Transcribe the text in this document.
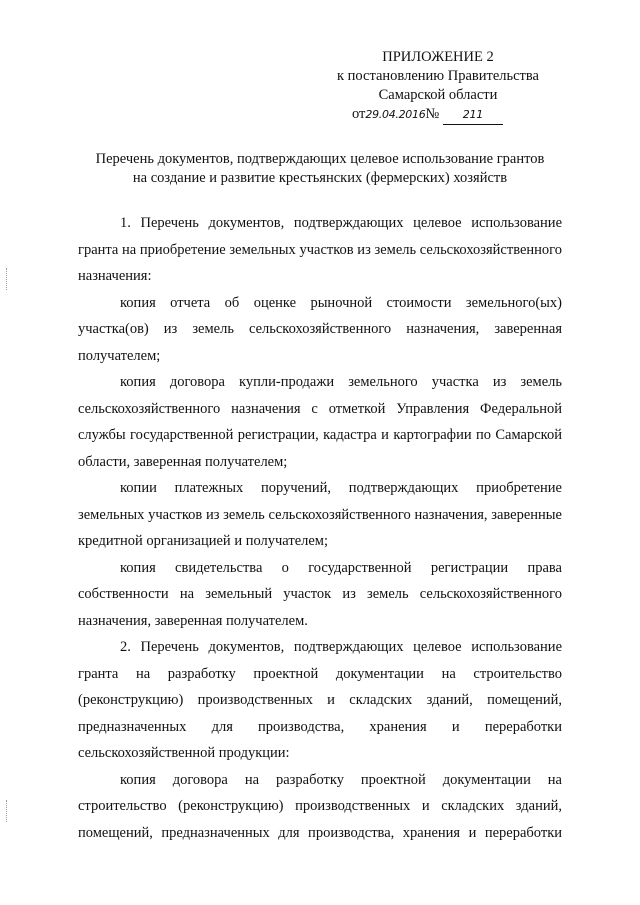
ПРИЛОЖЕНИЕ 2
к постановлению Правительства
Самарской области
от29.04.2016№ 211
Перечень документов, подтверждающих целевое использование грантов
на создание и развитие крестьянских (фермерских) хозяйств

1. Перечень документов, подтверждающих целевое использование гранта на приобретение земельных участков из земель сельскохозяйственного назначения:

копия отчета об оценке рыночной стоимости земельного(ых) участка(ов) из земель сельскохозяйственного назначения, заверенная получателем;

копия договора купли-продажи земельного участка из земель сельскохозяйственного назначения с отметкой Управления Федеральной службы государственной регистрации, кадастра и картографии по Самарской области, заверенная получателем;

копии платежных поручений, подтверждающих приобретение земельных участков из земель сельскохозяйственного назначения, заверенные кредитной организацией и получателем;

копия свидетельства о государственной регистрации права собственности на земельный участок из земель сельскохозяйственного назначения, заверенная получателем.

2. Перечень документов, подтверждающих целевое использование гранта на разработку проектной документации на строительство (реконструкцию) производственных и складских зданий, помещений, предназначенных для производства, хранения и переработки сельскохозяйственной продукции:

копия договора на разработку проектной документации на строительство (реконструкцию) производственных и складских зданий, помещений, предназначенных для производства, хранения и переработки
